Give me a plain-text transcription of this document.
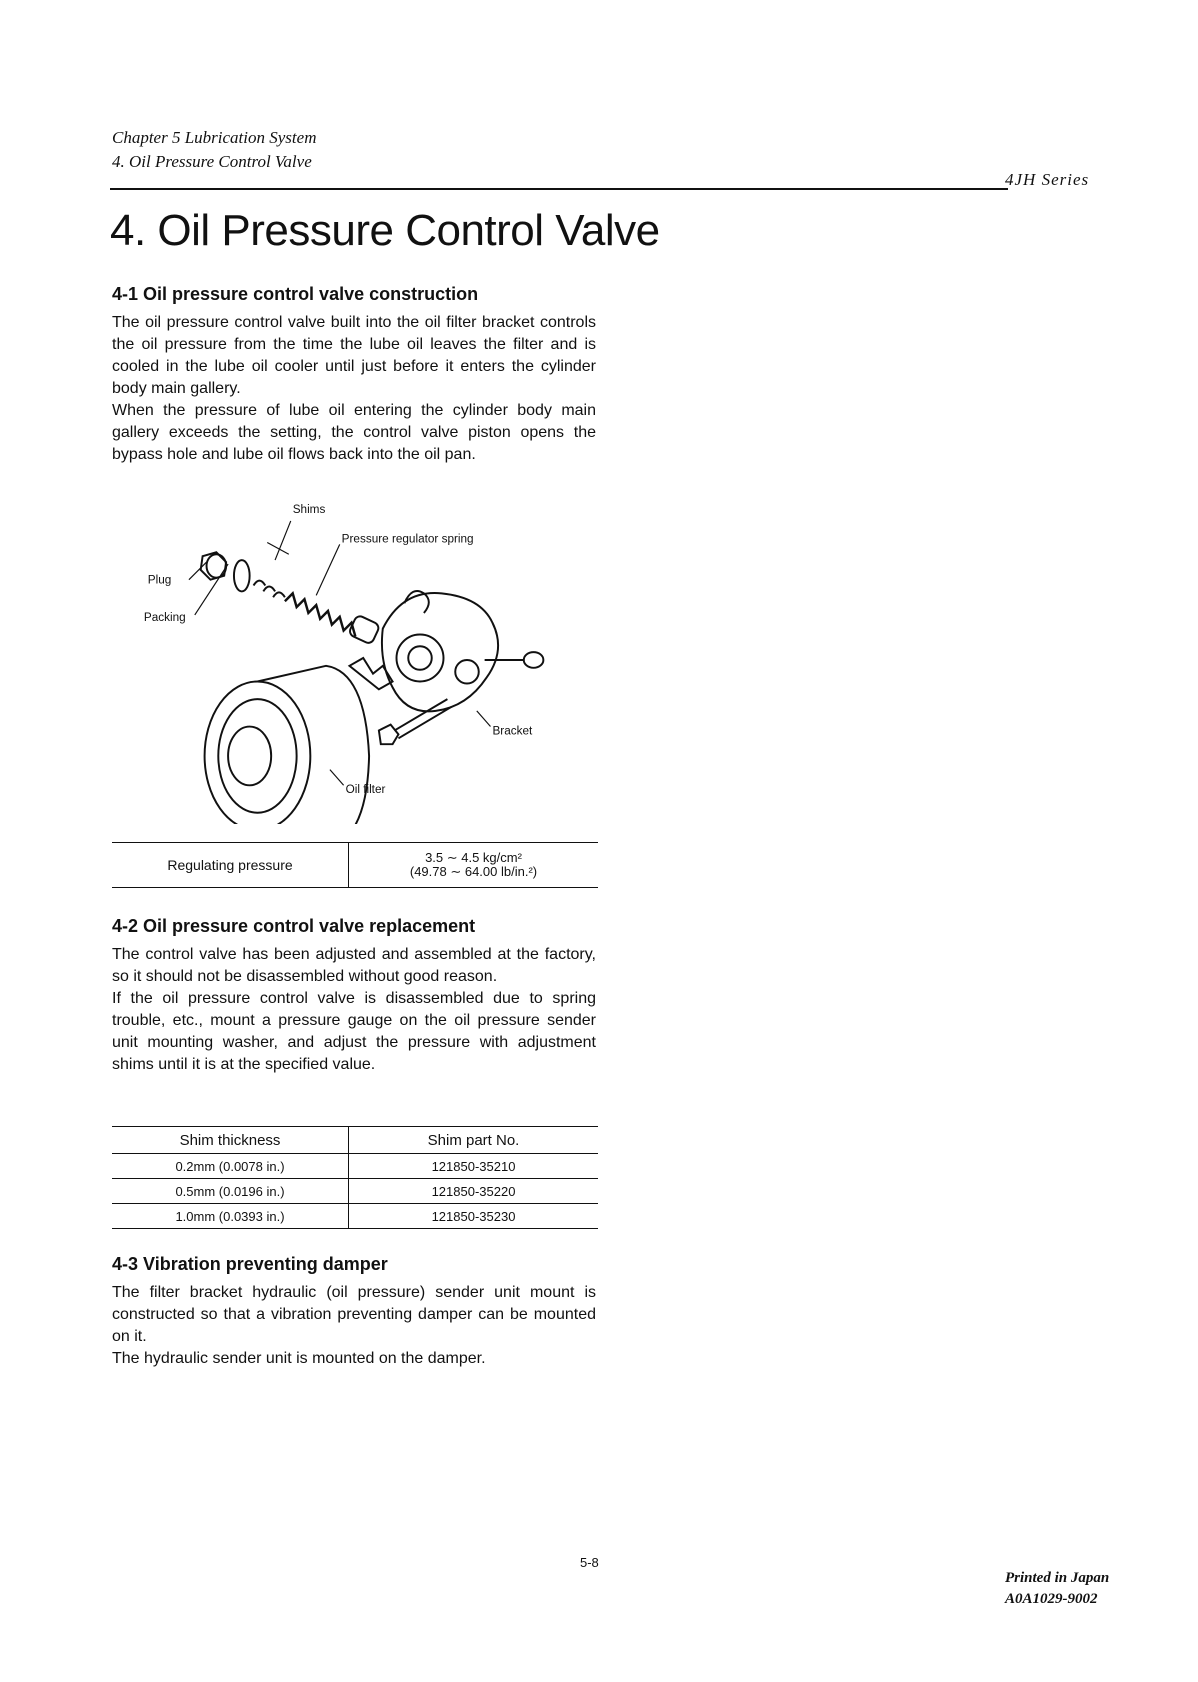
Chapter 5 Lubrication System
4. Oil Pressure Control Valve
4JH Series
4. Oil Pressure Control Valve
4-1 Oil pressure control valve construction

The oil pressure control valve built into the oil filter bracket controls the oil pressure from the time the lube oil leaves the filter and is cooled in the lube oil cooler until just before it enters the cylinder body main gallery.

When the pressure of lube oil entering the cylinder body main gallery exceeds the setting, the control valve piston opens the bypass hole and lube oil flows back into the oil pan.

Shims
Pressure regulator spring
Plug
Packing
Bracket
Oil filter
Regulating pressure	3.5 ∼ 4.5 kg/cm²
(49.78 ∼ 64.00 lb/in.²)
4-2 Oil pressure control valve replacement

The control valve has been adjusted and assembled at the factory, so it should not be disassembled without good reason.

If the oil pressure control valve is disassembled due to spring trouble, etc., mount a pressure gauge on the oil pressure sender unit mounting washer, and adjust the pressure with adjustment shims until it is at the specified value.

Shim thickness	Shim part No.
0.2mm (0.0078 in.)	121850-35210
0.5mm (0.0196 in.)	121850-35220
1.0mm (0.0393 in.)	121850-35230
4-3 Vibration preventing damper

The filter bracket hydraulic (oil pressure) sender unit mount is constructed so that a vibration preventing damper can be mounted on it.

The hydraulic sender unit is mounted on the damper.

5-8
Printed in Japan
A0A1029-9002
